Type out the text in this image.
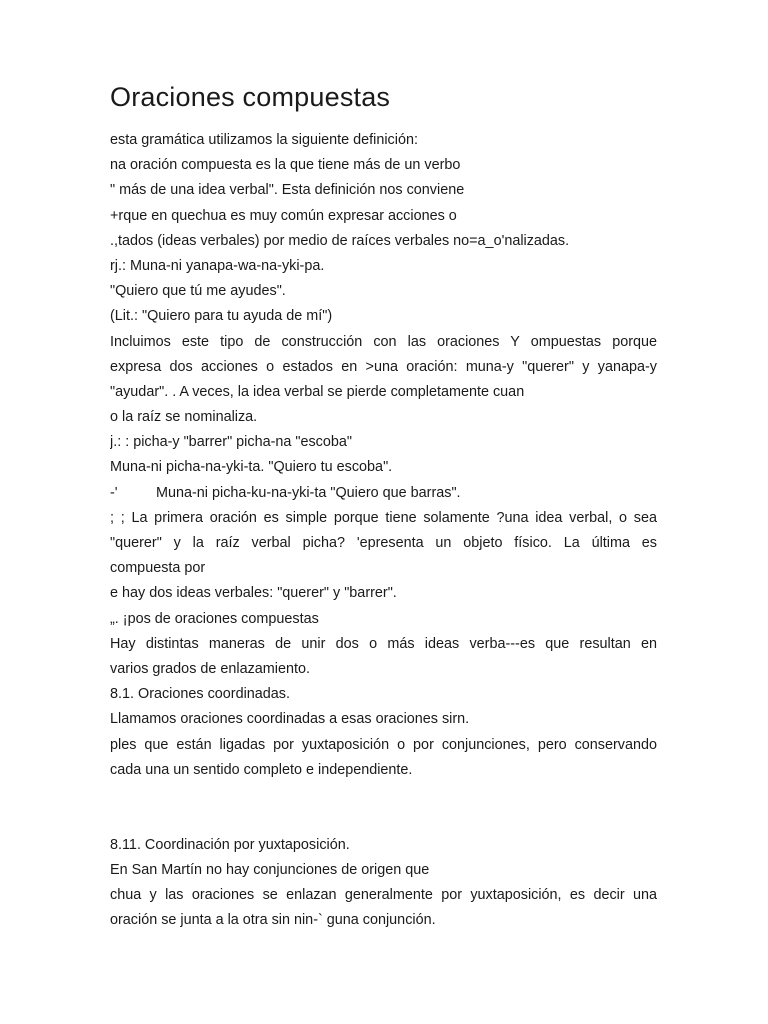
Oraciones compuestas
esta gramática utilizamos la siguiente definición:
na oración compuesta es la que tiene más de un verbo
" más de una idea verbal". Esta definición nos conviene
+rque en quechua es muy común expresar acciones o
.,tados (ideas verbales) por medio de raíces verbales no=a_o'nalizadas.
rj.: Muna-ni yanapa-wa-na-yki-pa.
"Quiero que tú me ayudes".
(Lit.: "Quiero para tu ayuda de mí")
Incluimos este tipo de construcción con las oraciones Y ompuestas porque
expresa dos acciones o estados en >una oración: muna-y "querer" y yanapa-y
"ayudar". . A veces, la idea verbal se pierde completamente cuan
o la raíz se nominaliza.
j.: : picha-y "barrer" picha-na "escoba"
Muna-ni picha-na-yki-ta. "Quiero tu escoba".
-'	Muna-ni picha-ku-na-yki-ta "Quiero que barras".
; ; La primera oración es simple porque tiene solamente ?una idea verbal, o sea
"querer" y la raíz verbal picha? 'epresenta un objeto físico. La última es
compuesta por
e hay dos ideas verbales: "querer" y "barrer".
„. ¡pos de oraciones compuestas
Hay distintas maneras de unir dos o más ideas verba---es que resultan en
varios grados de enlazamiento.
8.1. Oraciones coordinadas.
Llamamos oraciones coordinadas a esas oraciones sirn.
ples que están ligadas por yuxtaposición o por conjunciones, pero conservando
cada una un sentido completo e independiente.
8.11. Coordinación por yuxtaposición.
En San Martín no hay conjunciones de origen que
chua y las oraciones se enlazan generalmente por yuxtaposición, es decir una
oración se junta a la otra sin nin-` guna conjunción.
